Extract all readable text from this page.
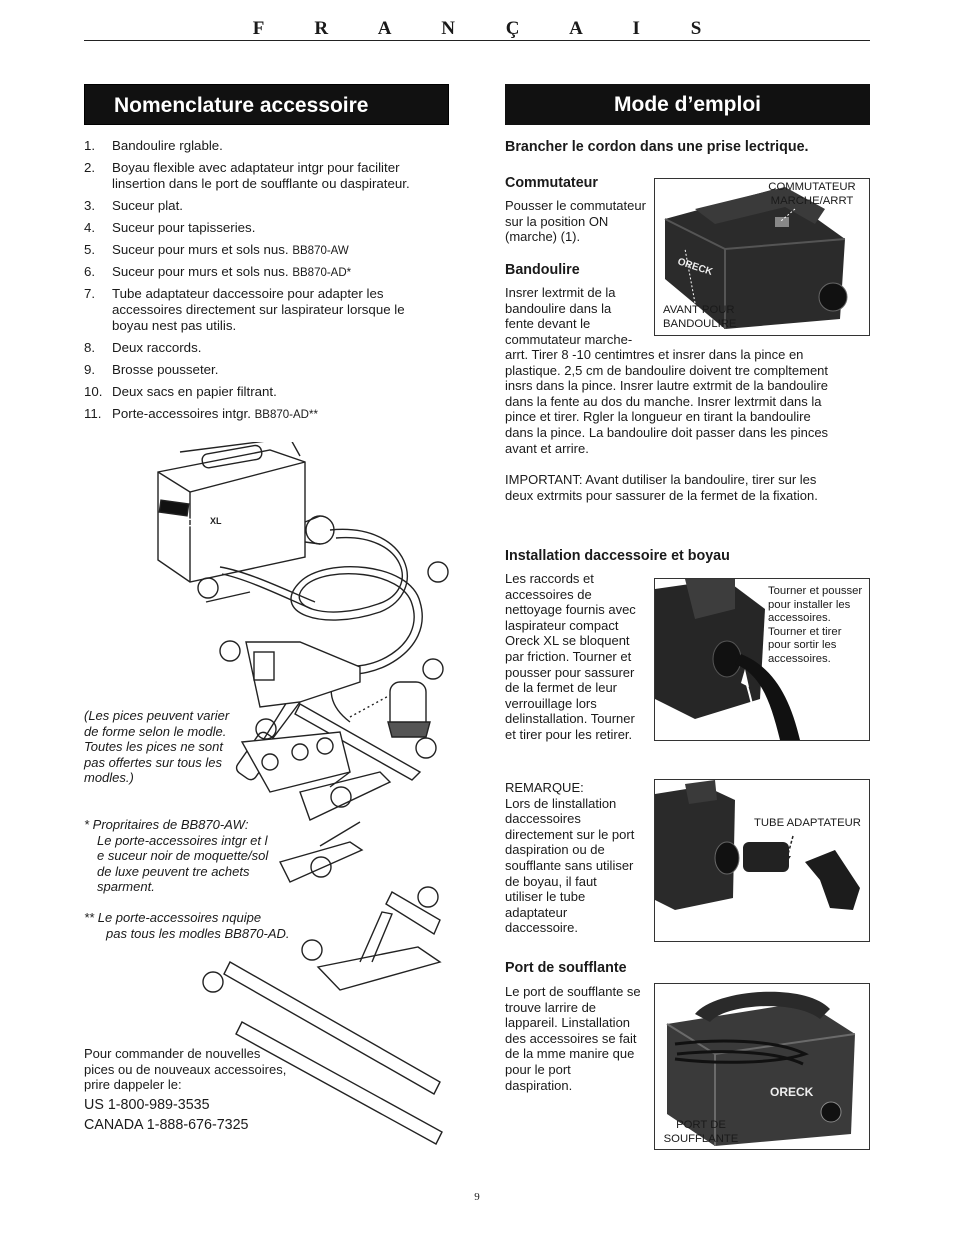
F R A N Ç A I S
Nomenclature accessoire	Mode d’emploi
1. Bandoulire rglable.
2. Boyau flexible avec adaptateur intgr pour faciliter linsertion dans le port de soufflante ou daspirateur.
3. Suceur plat.
4. Suceur pour tapisseries.
5. Suceur pour murs et sols nus. BB870-AW
6. Suceur pour murs et sols nus. BB870-AD*
7. Tube adaptateur daccessoire pour adapter les accessoires directement sur laspirateur lorsque le boyau nest pas utilis.
8. Deux raccords.
9. Brosse pousseter.
10. Deux sacs en papier filtrant.
11. Porte-accessoires intgr. BB870-AD**
ORECK XL
(Les pices peuvent varier
de forme selon le modle.
Toutes les pices ne sont
pas offertes sur tous les
modles.)
* Propritaires de BB870-AW:
Le porte-accessoires intgr et l
e suceur noir de moquette/sol
de luxe peuvent tre achets
sparment.
** Le porte-accessoires nquipe
pas tous les modles BB870-AD.
Pour commander de nouvelles
pices ou de nouveaux accessoires,
prire dappeler le:
US 1-800-989-3535
CANADA 1-888-676-7325
Brancher le cordon dans une prise lectrique.
Commutateur
Pousser le commutateur
sur la position ON
(marche) (1).
ORECK
COMMUTATEUR
MARCHE/ARRT
AVANT POUR
BANDOULIRE
Bandoulire
Insrer lextrmit de la
bandoulire dans la
fente devant le
commutateur marche-
arrt. Tirer 8 -10 centimtres et insrer dans la pince en
plastique. 2,5 cm de bandoulire doivent tre compltement
insrs dans la pince. Insrer lautre extrmit de la bandoulire
dans la fente au dos du manche. Insrer lextrmit dans la
pince et tirer. Rgler la longueur en tirant la bandoulire
dans la pince. La bandoulire doit passer dans les pinces
avant et arrire.
IMPORTANT: Avant dutiliser la bandoulire, tirer sur les
deux extrmits pour sassurer de la fermet de la fixation.
Installation daccessoire et boyau
Les raccords et
accessoires de
nettoyage fournis avec
laspirateur compact
Oreck XL se bloquent
par friction. Tourner et
pousser pour sassurer
de la fermet de leur
verrouillage lors
delinstallation. Tourner
et tirer pour les retirer.
Tourner et pousser
pour installer les
accessoires.
Tourner et tirer
pour sortir les
accessoires.
REMARQUE:
Lors de linstallation
daccessoires
directement sur le port
daspiration ou de
soufflante sans utiliser
de boyau, il faut
utiliser le tube
adaptateur
daccessoire.
TUBE ADAPTATEUR
Port de soufflante
Le port de soufflante se
trouve larrire de
lappareil. Linstallation
des accessoires se fait
de la mme manire que
pour le port
daspiration.	ORECK
PORT DE
SOUFFLANTE
9
